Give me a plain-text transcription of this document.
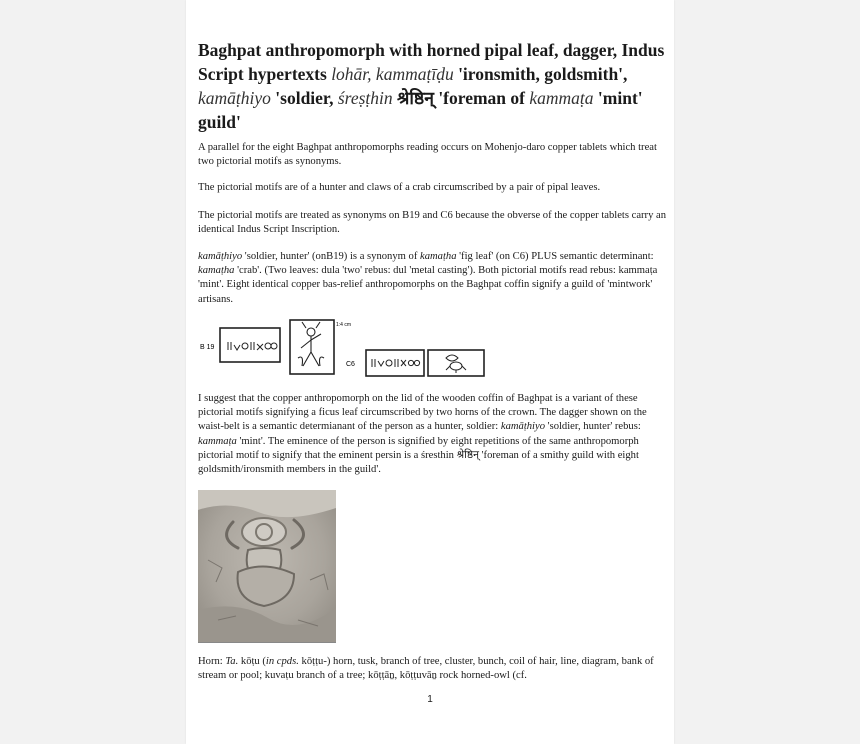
Baghpat anthropomorph with horned pipal leaf, dagger, Indus Script hypertexts lohār, kammaṭīḍu 'ironsmith, goldsmith', kamāṭhiyo 'soldier, śreṣṭhin श्रेष्ठिन् 'foreman of kammaṭa 'mint' guild'

A parallel for the eight Baghpat anthropomorphs reading occurs on Mohenjo-daro copper tablets which treat two pictorial motifs as synonyms.

The pictorial motifs are of a hunter and claws of a crab circumscribed by a pair of pipal leaves.

The pictorial motifs are treated as synonyms on B19 and C6 because the obverse of the copper tablets carry an identical Indus Script Inscription.

kamāṭhiyo 'soldier, hunter' (onB19) is a synonym of kamaṭha 'fig leaf' (on C6) PLUS semantic determinant: kamaṭha 'crab'. (Two leaves: dula 'two' rebus: dul 'metal casting'). Both pictorial motifs read rebus: kammaṭa 'mint'. Eight identical copper bas-relief anthropomorphs on the Baghpat coffin signify a guild of 'mintwork' artisans.

B 19
1:4 cm
C6

I suggest that the copper anthropomorph on the lid of the wooden coffin of Baghpat is a variant of these pictorial motifs signifying a ficus leaf circumscribed by two horns of the crown. The dagger shown on the waist-belt is a semantic determianant of the person as a hunter, soldier: kamāṭhiyo 'soldier, hunter' rebus: kammaṭa 'mint'. The eminence of the person is signified by eight repetitions of the same anthropomorph pictorial motif to signify that the eminent persin is a śresthin श्रेष्ठिन् 'foreman of a smithy guild with eight goldsmith/ironsmith members in the guild'.

Horn: Ta. kōṭu (in cpds. kōṭṭu-) horn, tusk, branch of tree, cluster, bunch, coil of hair, line, diagram, bank of stream or pool; kuvaṭu branch of a tree; kōṭṭāṉ, kōṭṭuvāṉ rock horned-owl (cf.

1
